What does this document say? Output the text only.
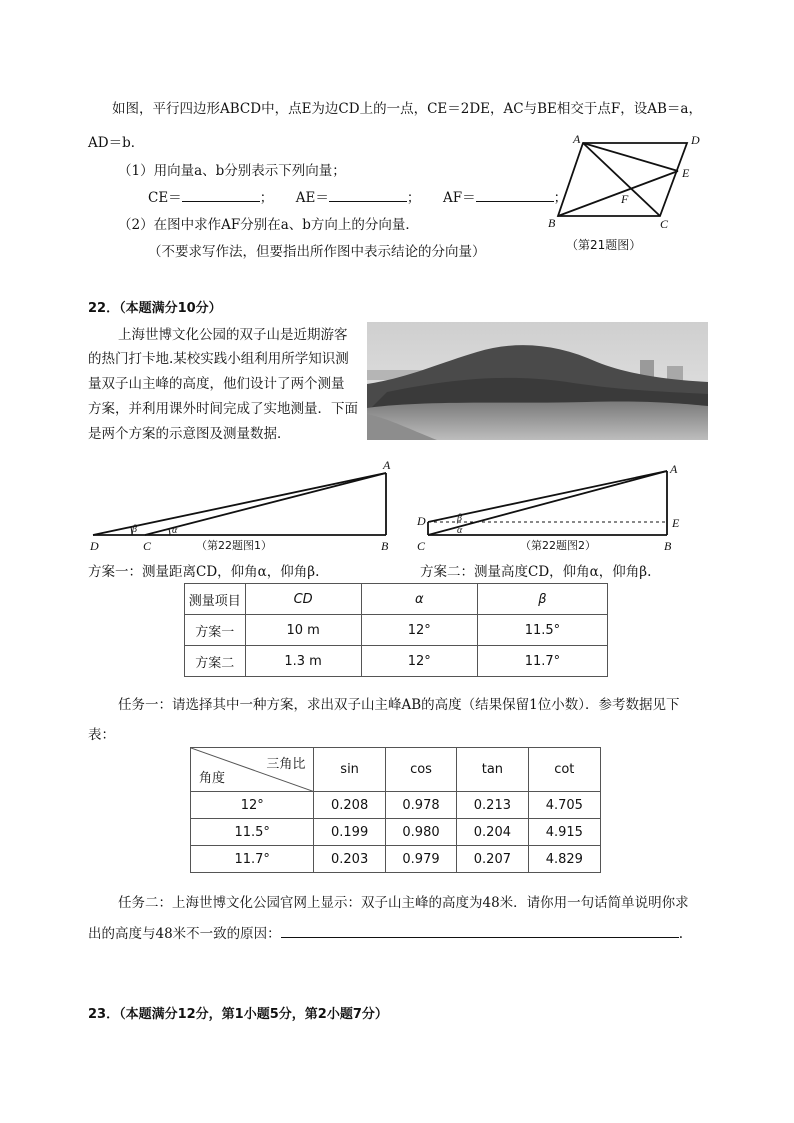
如图，平行四边形ABCD中，点E为边CD上的一点，CE＝2DE，AC与BE相交于点F，设AB＝a，
AD＝b．
（1）用向量a、b分别表示下列向量；
CE＝	； AE＝	； AF＝	；
（2）在图中求作AF分别在a、b方向上的分向量．
（不要求写作法，但要指出所作图中表示结论的分向量）
A	D
E
F
B	C
（第21题图）
22．（本题满分10分）
上海世博文化公园的双子山是近期游客
的热门打卡地.某校实践小组利用所学知识测
量双子山主峰的高度，他们设计了两个测量
方案，并利用课外时间完成了实地测量．下面
是两个方案的示意图及测量数据．
A
D	C	B
β	α
（第22题图1）
A
D	E
C	B
β
α
（第22题图2）
方案一：测量距离CD，仰角α，仰角β.	方案二：测量高度CD，仰角α，仰角β.
测量项目	CD	α	β
方案一	10 m	12°	11.5°
方案二	1.3 m	12°	11.7°
任务一：请选择其中一种方案，求出双子山主峰AB的高度（结果保留1位小数）．参考数据见下
表：
三角比
角度	sin	cos	tan	cot
12°	0.208	0.978	0.213	4.705
11.5°	0.199	0.980	0.204	4.915
11.7°	0.203	0.979	0.207	4.829
任务二：上海世博文化公园官网上显示：双子山主峰的高度为48米．请你用一句话简单说明你求
出的高度与48米不一致的原因：	.
23．（本题满分12分，第1小题5分，第2小题7分）
